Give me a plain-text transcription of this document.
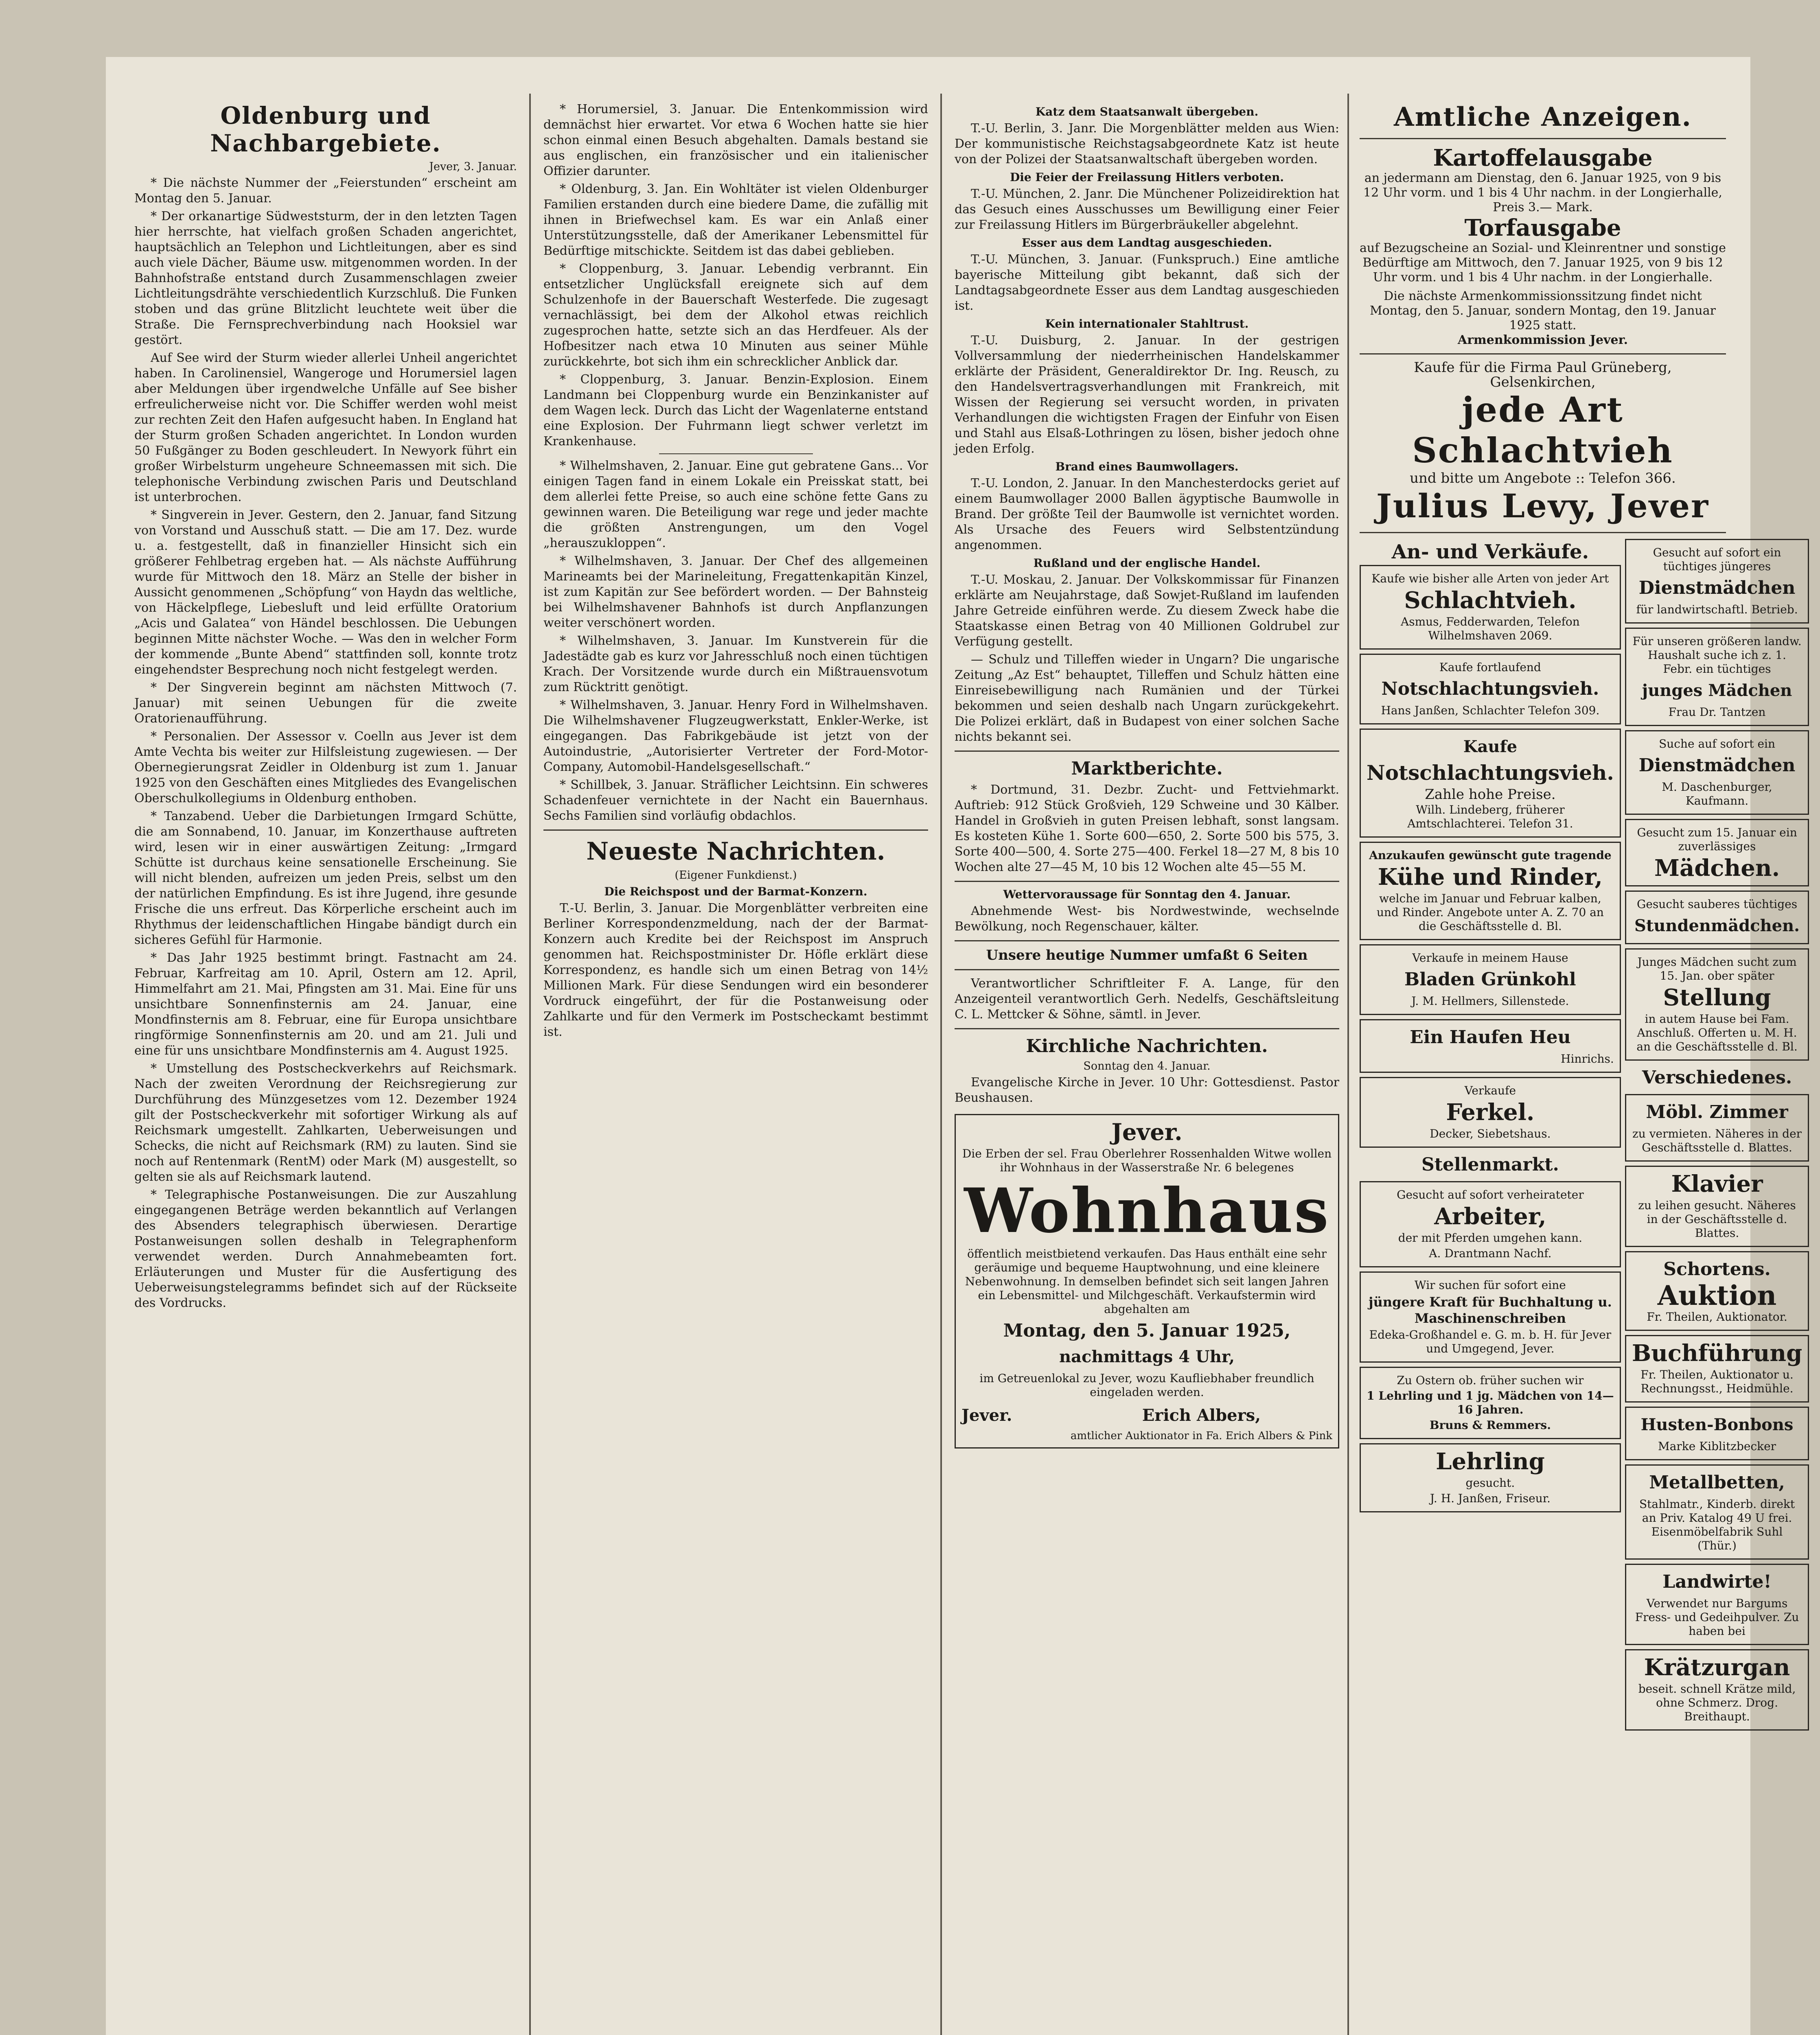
Oldenburg und Nachbargebiete.
Jever, 3. Januar.

* Die nächste Nummer der „Feierstunden“ erscheint am Montag den 5. Januar.

* Der orkanartige Südweststurm, der in den letzten Tagen hier herrschte, hat vielfach großen Schaden angerichtet, hauptsächlich an Telephon und Lichtleitungen, aber es sind auch viele Dächer, Bäume usw. mitgenommen worden. In der Bahnhofstraße entstand durch Zusammenschlagen zweier Lichtleitungsdrähte verschiedentlich Kurzschluß. Die Funken stoben und das grüne Blitzlicht leuchtete weit über die Straße. Die Fernsprechverbindung nach Hooksiel war gestört.

Auf See wird der Sturm wieder allerlei Unheil angerichtet haben. In Carolinensiel, Wangeroge und Horumersiel lagen aber Meldungen über irgendwelche Unfälle auf See bisher erfreulicherweise nicht vor. Die Schiffer werden wohl meist zur rechten Zeit den Hafen aufgesucht haben. In England hat der Sturm großen Schaden angerichtet. In London wurden 50 Fußgänger zu Boden geschleudert. In Newyork führt ein großer Wirbelsturm ungeheure Schneemassen mit sich. Die telephonische Verbindung zwischen Paris und Deutschland ist unterbrochen.

* Singverein in Jever. Gestern, den 2. Januar, fand Sitzung von Vorstand und Ausschuß statt. — Die am 17. Dez. wurde u. a. festgestellt, daß in finanzieller Hinsicht sich ein größerer Fehlbetrag ergeben hat. — Als nächste Aufführung wurde für Mittwoch den 18. März an Stelle der bisher in Aussicht genommenen „Schöpfung“ von Haydn das weltliche, von Häckelpflege, Liebesluft und leid erfüllte Oratorium „Acis und Galatea“ von Händel beschlossen. Die Uebungen beginnen Mitte nächster Woche. — Was den in welcher Form der kommende „Bunte Abend“ stattfinden soll, konnte trotz eingehendster Besprechung noch nicht festgelegt werden.

* Der Singverein beginnt am nächsten Mittwoch (7. Januar) mit seinen Uebungen für die zweite Oratorienaufführung.

* Personalien. Der Assessor v. Coelln aus Jever ist dem Amte Vechta bis weiter zur Hilfsleistung zugewiesen. — Der Obernegierungsrat Zeidler in Oldenburg ist zum 1. Januar 1925 von den Geschäften eines Mitgliedes des Evangelischen Oberschulkollegiums in Oldenburg enthoben.

* Tanzabend. Ueber die Darbietungen Irmgard Schütte, die am Sonnabend, 10. Januar, im Konzerthause auftreten wird, lesen wir in einer auswärtigen Zeitung: „Irmgard Schütte ist durchaus keine sensationelle Erscheinung. Sie will nicht blenden, aufreizen um jeden Preis, selbst um den der natürlichen Empfindung. Es ist ihre Jugend, ihre gesunde Frische die uns erfreut. Das Körperliche erscheint auch im Rhythmus der leidenschaftlichen Hingabe bändigt durch ein sicheres Gefühl für Harmonie.

* Das Jahr 1925 bestimmt bringt. Fastnacht am 24. Februar, Karfreitag am 10. April, Ostern am 12. April, Himmelfahrt am 21. Mai, Pfingsten am 31. Mai. Eine für uns unsichtbare Sonnenfinsternis am 24. Januar, eine Mondfinsternis am 8. Februar, eine für Europa unsichtbare ringförmige Sonnenfinsternis am 20. und am 21. Juli und eine für uns unsichtbare Mondfinsternis am 4. August 1925.

* Umstellung des Postscheckverkehrs auf Reichsmark. Nach der zweiten Verordnung der Reichsregierung zur Durchführung des Münzgesetzes vom 12. Dezember 1924 gilt der Postscheckverkehr mit sofortiger Wirkung als auf Reichsmark umgestellt. Zahlkarten, Ueberweisungen und Schecks, die nicht auf Reichsmark (RM) zu lauten. Sind sie noch auf Rentenmark (RentM) oder Mark (M) ausgestellt, so gelten sie als auf Reichsmark lautend.

* Telegraphische Postanweisungen. Die zur Auszahlung eingegangenen Beträge werden bekanntlich auf Verlangen des Absenders telegraphisch überwiesen. Derartige Postanweisungen sollen deshalb in Telegraphenform verwendet werden. Durch Annahmebeamten fort. Erläuterungen und Muster für die Ausfertigung des Ueberweisungstelegramms befindet sich auf der Rückseite des Vordrucks.

* Horumersiel, 3. Januar. Die Entenkommission wird demnächst hier erwartet. Vor etwa 6 Wochen hatte sie hier schon einmal einen Besuch abgehalten. Damals bestand sie aus englischen, ein französischer und ein italienischer Offizier darunter.

* Oldenburg, 3. Jan. Ein Wohltäter ist vielen Oldenburger Familien erstanden durch eine biedere Dame, die zufällig mit ihnen in Briefwechsel kam. Es war ein Anlaß einer Unterstützungsstelle, daß der Amerikaner Lebensmittel für Bedürftige mitschickte. Seitdem ist das dabei geblieben.

* Cloppenburg, 3. Januar. Lebendig verbrannt. Ein entsetzlicher Unglücksfall ereignete sich auf dem Schulzenhofe in der Bauerschaft Westerfede. Die zugesagt vernachlässigt, bei dem der Alkohol etwas reichlich zugesprochen hatte, setzte sich an das Herdfeuer. Als der Hofbesitzer nach etwa 10 Minuten aus seiner Mühle zurückkehrte, bot sich ihm ein schrecklicher Anblick dar.

* Cloppenburg, 3. Januar. Benzin-Explosion. Einem Landmann bei Cloppenburg wurde ein Benzinkanister auf dem Wagen leck. Durch das Licht der Wagenlaterne entstand eine Explosion. Der Fuhrmann liegt schwer verletzt im Krankenhause.

* Wilhelmshaven, 2. Januar. Eine gut gebratene Gans... Vor einigen Tagen fand in einem Lokale ein Preisskat statt, bei dem allerlei fette Preise, so auch eine schöne fette Gans zu gewinnen waren. Die Beteiligung war rege und jeder machte die größten Anstrengungen, um den Vogel „herauszukloppen“.

* Wilhelmshaven, 3. Januar. Der Chef des allgemeinen Marineamts bei der Marineleitung, Fregattenkapitän Kinzel, ist zum Kapitän zur See befördert worden. — Der Bahnsteig bei Wilhelmshavener Bahnhofs ist durch Anpflanzungen weiter verschönert worden.

* Wilhelmshaven, 3. Januar. Im Kunstverein für die Jadestädte gab es kurz vor Jahresschluß noch einen tüchtigen Krach. Der Vorsitzende wurde durch ein Mißtrauensvotum zum Rücktritt genötigt.

* Wilhelmshaven, 3. Januar. Henry Ford in Wilhelmshaven. Die Wilhelmshavener Flugzeugwerkstatt, Enkler-Werke, ist eingegangen. Das Fabrikgebäude ist jetzt von der Autoindustrie, „Autorisierter Vertreter der Ford-Motor-Company, Automobil-Handelsgesellschaft.“

* Schillbek, 3. Januar. Sträflicher Leichtsinn. Ein schweres Schadenfeuer vernichtete in der Nacht ein Bauernhaus. Sechs Familien sind vorläufig obdachlos.

Neueste Nachrichten.
(Eigener Funkdienst.)
Die Reichspost und der Barmat-Konzern.

T.-U. Berlin, 3. Januar. Die Morgenblätter verbreiten eine Berliner Korrespondenzmeldung, nach der der Barmat-Konzern auch Kredite bei der Reichspost im Anspruch genommen hat. Reichspostminister Dr. Höfle erklärt diese Korrespondenz, es handle sich um einen Betrag von 14½ Millionen Mark. Für diese Sendungen wird ein besonderer Vordruck eingeführt, der für die Postanweisung oder Zahlkarte und für den Vermerk im Postscheckamt bestimmt ist.

Katz dem Staatsanwalt übergeben.

T.-U. Berlin, 3. Janr. Die Morgenblätter melden aus Wien: Der kommunistische Reichstagsabgeordnete Katz ist heute von der Polizei der Staatsanwaltschaft übergeben worden.

Die Feier der Freilassung Hitlers verboten.

T.-U. München, 2. Janr. Die Münchener Polizeidirektion hat das Gesuch eines Ausschusses um Bewilligung einer Feier zur Freilassung Hitlers im Bürgerbräukeller abgelehnt.

Esser aus dem Landtag ausgeschieden.

T.-U. München, 3. Januar. (Funkspruch.) Eine amtliche bayerische Mitteilung gibt bekannt, daß sich der Landtagsabgeordnete Esser aus dem Landtag ausgeschieden ist.

Kein internationaler Stahltrust.

T.-U. Duisburg, 2. Januar. In der gestrigen Vollversammlung der niederrheinischen Handelskammer erklärte der Präsident, Generaldirektor Dr. Ing. Reusch, zu den Handelsvertragsverhandlungen mit Frankreich, mit Wissen der Regierung sei versucht worden, in privaten Verhandlungen die wichtigsten Fragen der Einfuhr von Eisen und Stahl aus Elsaß-Lothringen zu lösen, bisher jedoch ohne jeden Erfolg.

Brand eines Baumwollagers.

T.-U. London, 2. Januar. In den Manchesterdocks geriet auf einem Baumwollager 2000 Ballen ägyptische Baumwolle in Brand. Der größte Teil der Baumwolle ist vernichtet worden. Als Ursache des Feuers wird Selbstentzündung angenommen.

Rußland und der englische Handel.

T.-U. Moskau, 2. Januar. Der Volkskommissar für Finanzen erklärte am Neujahrstage, daß Sowjet-Rußland im laufenden Jahre Getreide einführen werde. Zu diesem Zweck habe die Staatskasse einen Betrag von 40 Millionen Goldrubel zur Verfügung gestellt.

— Schulz und Tilleffen wieder in Ungarn? Die ungarische Zeitung „Az Est“ behauptet, Tilleffen und Schulz hätten eine Einreisebewilligung nach Rumänien und der Türkei bekommen und seien deshalb nach Ungarn zurückgekehrt. Die Polizei erklärt, daß in Budapest von einer solchen Sache nichts bekannt sei.

Marktberichte.

* Dortmund, 31. Dezbr. Zucht- und Fettviehmarkt. Auftrieb: 912 Stück Großvieh, 129 Schweine und 30 Kälber. Handel in Großvieh in guten Preisen lebhaft, sonst langsam. Es kosteten Kühe 1. Sorte 600—650, 2. Sorte 500 bis 575, 3. Sorte 400—500, 4. Sorte 275—400. Ferkel 18—27 M, 8 bis 10 Wochen alte 27—45 M, 10 bis 12 Wochen alte 45—55 M.

Wettervoraussage für Sonntag den 4. Januar.

Abnehmende West- bis Nordwestwinde, wechselnde Bewölkung, noch Regenschauer, kälter.

Unsere heutige Nummer umfaßt 6 Seiten

Verantwortlicher Schriftleiter F. A. Lange, für den Anzeigenteil verantwortlich Gerh. Nedelfs, Geschäftsleitung C. L. Mettcker & Söhne, sämtl. in Jever.

Kirchliche Nachrichten.
Sonntag den 4. Januar.

Evangelische Kirche in Jever. 10 Uhr: Gottesdienst. Pastor Beushausen.

Jever.

Die Erben der sel. Frau Oberlehrer Rossenhalden Witwe wollen ihr Wohnhaus in der Wasserstraße Nr. 6 belegenes

Wohnhaus

öffentlich meistbietend verkaufen. Das Haus enthält eine sehr geräumige und bequeme Hauptwohnung, und eine kleinere Nebenwohnung. In demselben befindet sich seit langen Jahren ein Lebensmittel- und Milchgeschäft. Verkaufstermin wird abgehalten am

Montag, den 5. Januar 1925,
nachmittags 4 Uhr,

im Getreuenlokal zu Jever, wozu Kaufliebhaber freundlich eingeladen werden.

Jever.	Erich Albers,
amtlicher Auktionator in Fa. Erich Albers & Pink
Amtliche Anzeigen.
Kartoffelausgabe
an jedermann am Dienstag, den 6. Januar 1925, von 9 bis 12 Uhr vorm. und 1 bis 4 Uhr nachm. in der Longierhalle, Preis 3.— Mark.
Torfausgabe
auf Bezugscheine an Sozial- und Kleinrentner und sonstige Bedürftige am Mittwoch, den 7. Januar 1925, von 9 bis 12 Uhr vorm. und 1 bis 4 Uhr nachm. in der Longierhalle.
Die nächste Armenkommissionssitzung findet nicht Montag, den 5. Januar, sondern Montag, den 19. Januar 1925 statt.
Armenkommission Jever.
Kaufe für die Firma Paul Grüneberg, Gelsenkirchen,
jede Art Schlachtvieh
und bitte um Angebote :: Telefon 366.
Julius Levy, Jever
An- und Verkäufe.

Kaufe wie bisher alle Arten von jeder Art

Schlachtvieh.

Asmus, Fedderwarden, Telefon Wilhelmshaven 2069.

Kaufe fortlaufend

Notschlachtungsvieh.

Hans Janßen, Schlachter Telefon 309.

Kaufe
Notschlachtungsvieh.

Zahle hohe Preise.

Wilh. Lindeberg, früherer Amtschlachterei. Telefon 31.

Anzukaufen gewünscht gute tragende

Kühe und Rinder,

welche im Januar und Februar kalben, und Rinder. Angebote unter A. Z. 70 an die Geschäftsstelle d. Bl.

Verkaufe in meinem Hause

Bladen Grünkohl

J. M. Hellmers, Sillenstede.

Ein Haufen Heu

Hinrichs.

Verkaufe

Ferkel.

Decker, Siebetshaus.

Stellenmarkt.

Gesucht auf sofort verheirateter

Arbeiter,

der mit Pferden umgehen kann.

A. Drantmann Nachf.

Wir suchen für sofort eine

jüngere Kraft für Buchhaltung u. Maschinenschreiben

Edeka-Großhandel e. G. m. b. H. für Jever und Umgegend, Jever.

Zu Ostern ob. früher suchen wir

1 Lehrling und 1 jg. Mädchen von 14—16 Jahren.

Bruns & Remmers.

Lehrling

gesucht.

J. H. Janßen, Friseur.

Gesucht auf sofort ein tüchtiges jüngeres

Dienstmädchen

für landwirtschaftl. Betrieb.

Für unseren größeren landw. Haushalt suche ich z. 1. Febr. ein tüchtiges

junges Mädchen

Frau Dr. Tantzen

Suche auf sofort ein

Dienstmädchen

M. Daschenburger, Kaufmann.

Gesucht zum 15. Januar ein zuverlässiges

Mädchen.

Gesucht sauberes tüchtiges

Stundenmädchen.

Junges Mädchen sucht zum 15. Jan. ober später

Stellung

in autem Hause bei Fam. Anschluß. Offerten u. M. H. an die Geschäftsstelle d. Bl.

Verschiedenes.
Möbl. Zimmer

zu vermieten. Näheres in der Geschäftsstelle d. Blattes.

Klavier

zu leihen gesucht. Näheres in der Geschäftsstelle d. Blattes.

Schortens.
Auktion

Fr. Theilen, Auktionator.

Buchführung

Fr. Theilen, Auktionator u. Rechnungsst., Heidmühle.

Husten-Bonbons

Marke Kiblitzbecker

Metallbetten,

Stahlmatr., Kinderb. direkt an Priv. Katalog 49 U frei. Eisenmöbelfabrik Suhl (Thür.)

Landwirte!

Verwendet nur Bargums Fress- und Gedeihpulver. Zu haben bei

Krätzurgan

beseit. schnell Krätze mild, ohne Schmerz. Drog. Breithaupt.
